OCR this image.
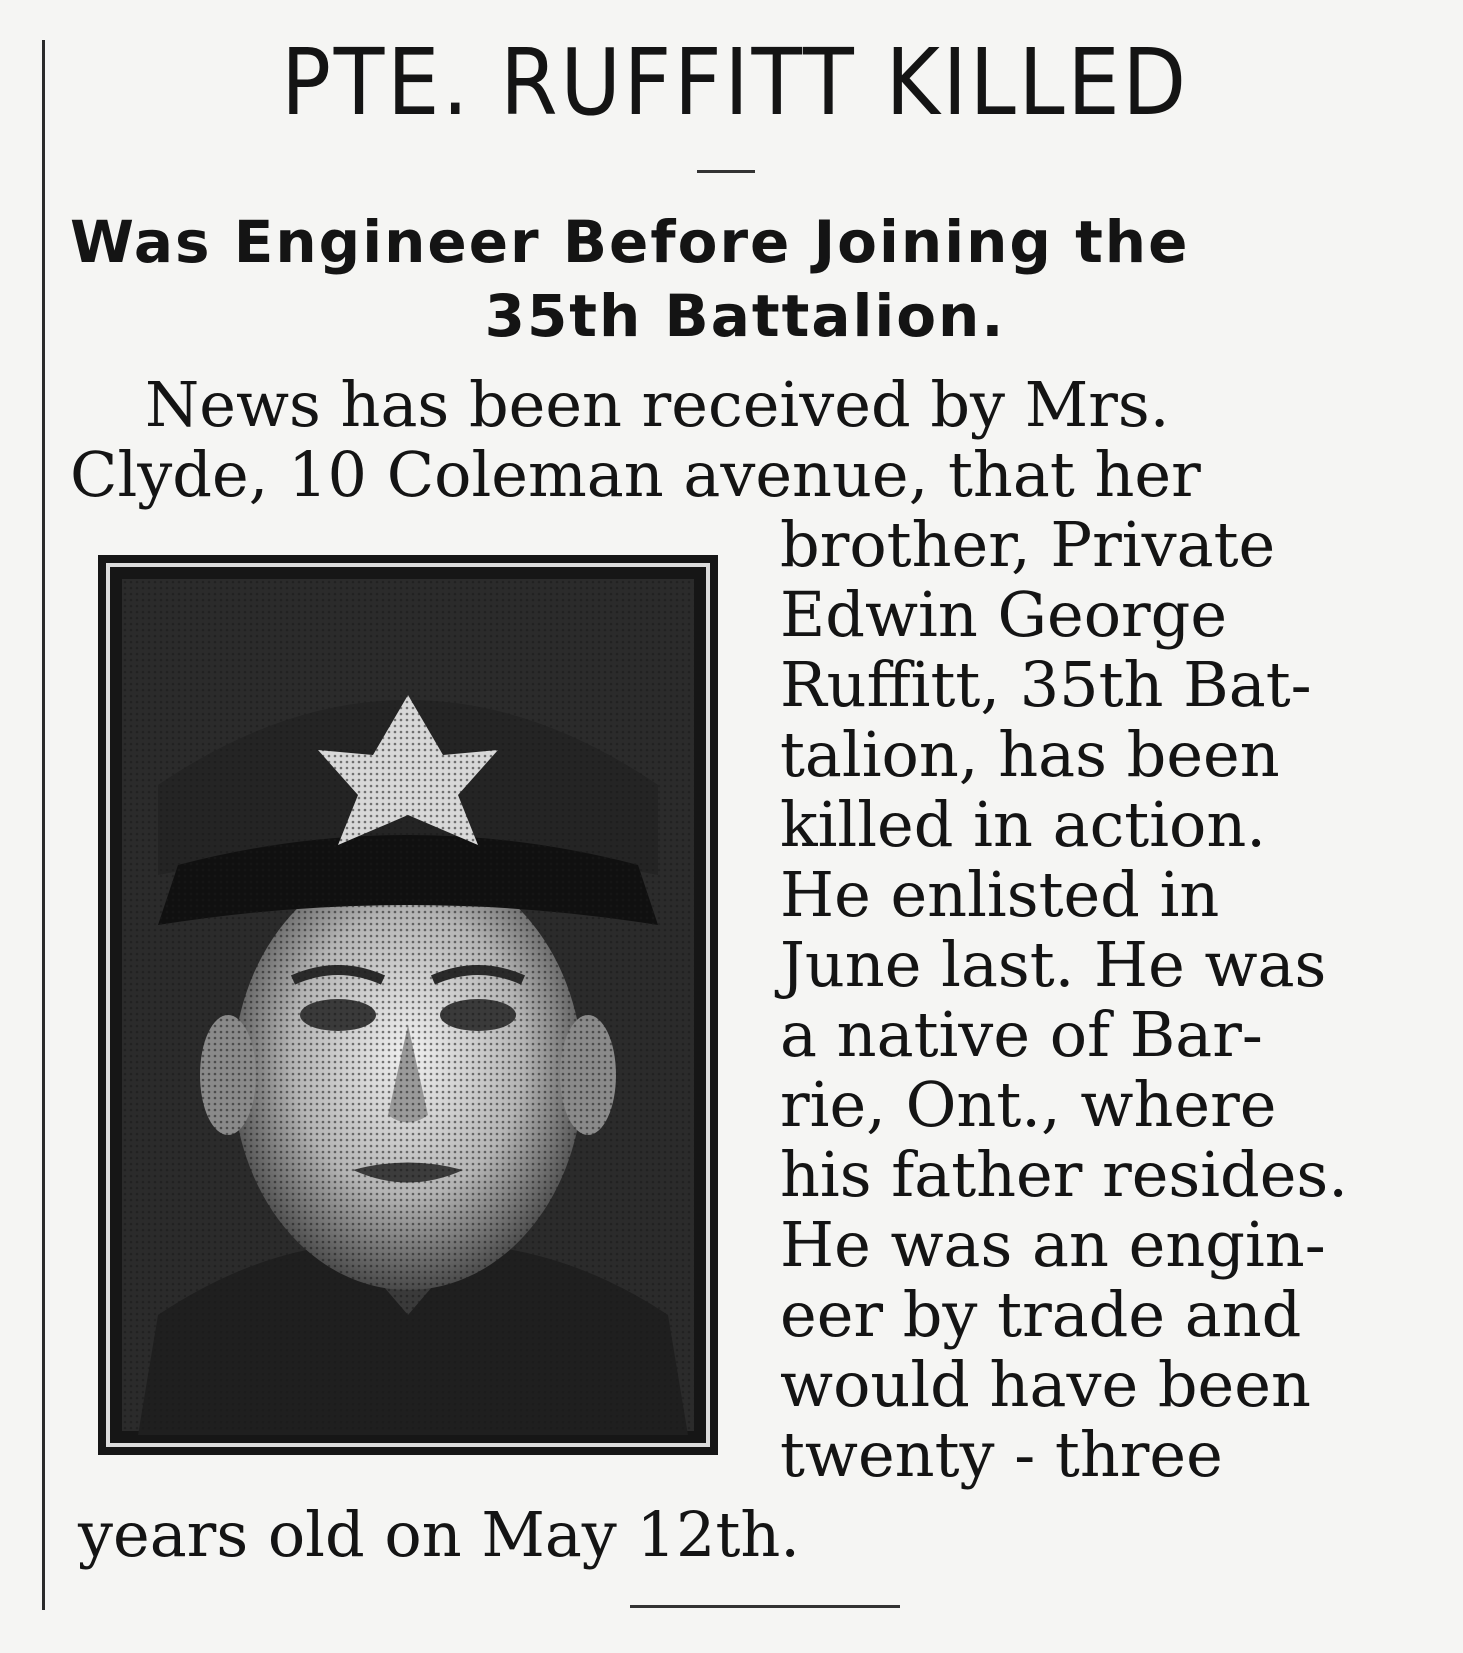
PTE. RUFFITT KILLED
Was Engineer Before Joining the
35th Battalion.
News has been received by Mrs.
Clyde, 10 Coleman avenue, that her
brother, Private
Edwin George
Ruffitt, 35th Bat-
talion, has been
killed in action.
He enlisted in
June last. He was
a native of Bar-
rie, Ont., where
his father resides.
He was an engin-
eer by trade and
would have been
twenty - three
years old on May 12th.
